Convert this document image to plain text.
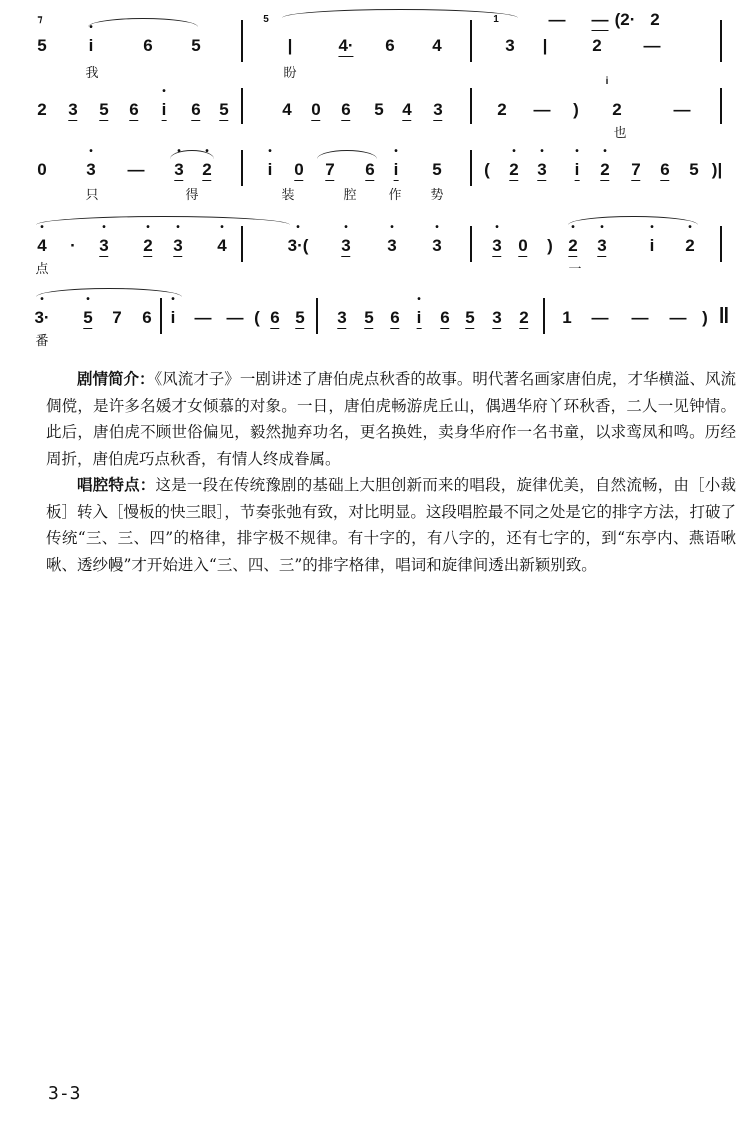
⁊
5 • i	6 5
5
|	4· 6 4
1
3 |	2 —
— — (2· 2
我	盼
2 3 5 6 • i 6 5	4 0 6 5 4 3	2 — )
i
2	—
也
0 • 3 — • 3 • 2	• i 0 7 6 • i 5 ( • 2 • 3 • i • 2 7 6 5 )|
只	得	装	腔 作 势
• 4 · • 3 • 2 • 3 • 4	• 3·( • 3 • 3 • 3	• 3 0 ) • 2 • 3	• i • 2
点	一
• 3· • 5 7 6 • i — — ( 6 5 3 5 6 • i 6 5 3 2 1 — — — ) ‖
番

剧情简介：《风流才子》一剧讲述了唐伯虎点秋香的故事。明代著名画家唐伯虎，才华横溢、风流倜傥，是许多名媛才女倾慕的对象。一日，唐伯虎畅游虎丘山，偶遇华府丫环秋香，二人一见钟情。此后，唐伯虎不顾世俗偏见，毅然抛弃功名，更名换姓，卖身华府作一名书童，以求鸾凤和鸣。历经周折，唐伯虎巧点秋香，有情人终成眷属。

唱腔特点：这是一段在传统豫剧的基础上大胆创新而来的唱段，旋律优美，自然流畅，由［小裁板］转入［慢板的快三眼］，节奏张弛有致，对比明显。这段唱腔最不同之处是它的排字方法，打破了传统“三、三、四”的格律，排字极不规律。有十字的，有八字的，还有七字的，到“东亭内、燕语啾啾、透纱幔”才开始进入“三、四、三”的排字格律，唱词和旋律间透出新颖别致。

3-3
